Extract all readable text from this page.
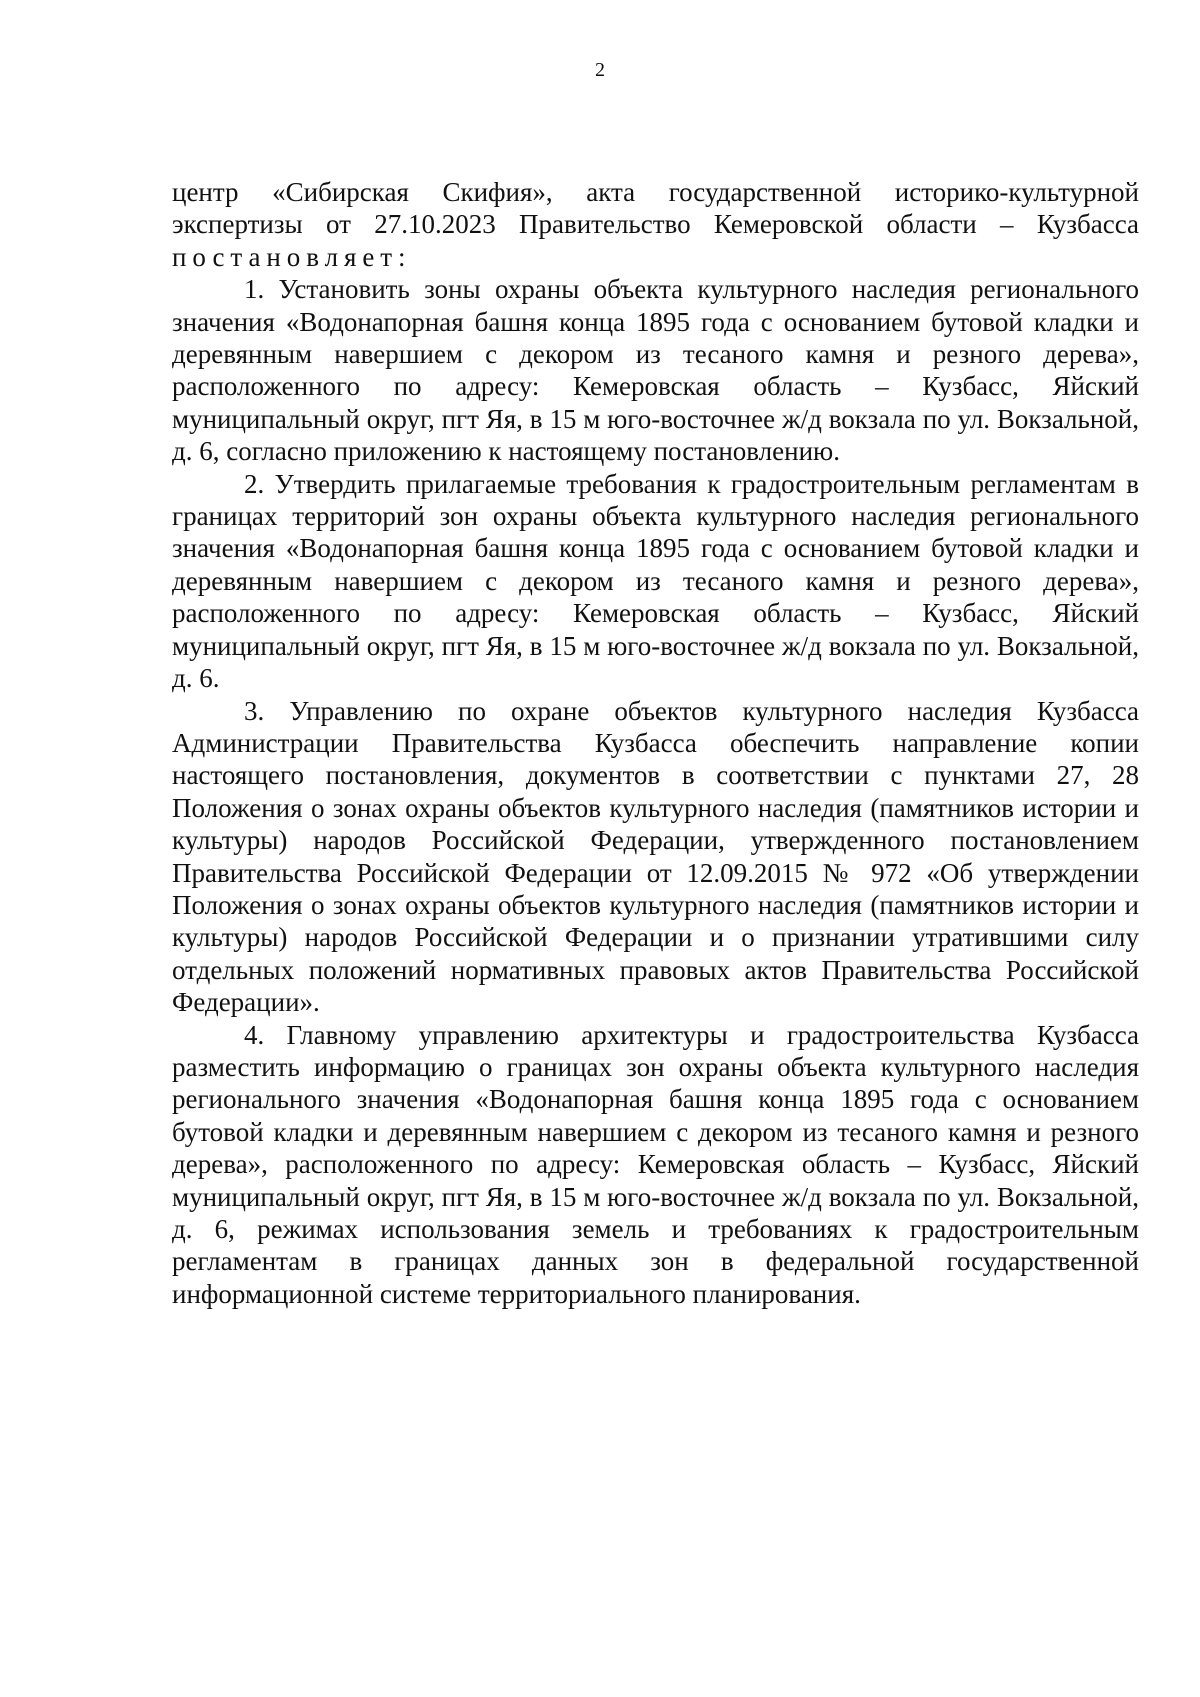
2

центр «Сибирская Скифия», акта государственной историко-культурной экспертизы от 27.10.2023 Правительство Кемеровской области – Кузбасса постановляет:

1. Установить зоны охраны объекта культурного наследия регионального значения «Водонапорная башня конца 1895 года с основанием бутовой кладки и деревянным навершием с декором из тесаного камня и резного дерева», расположенного по адресу: Кемеровская область – Кузбасс, Яйский муниципальный округ, пгт Яя, в 15 м юго-восточнее ж/д вокзала по ул. Вокзальной, д. 6, согласно приложению к настоящему постановлению.

2. Утвердить прилагаемые требования к градостроительным регламентам в границах территорий зон охраны объекта культурного наследия регионального значения «Водонапорная башня конца 1895 года с основанием бутовой кладки и деревянным навершием с декором из тесаного камня и резного дерева», расположенного по адресу: Кемеровская область – Кузбасс, Яйский муниципальный округ, пгт Яя, в 15 м юго-восточнее ж/д вокзала по ул. Вокзальной, д. 6.

3. Управлению по охране объектов культурного наследия Кузбасса Администрации Правительства Кузбасса обеспечить направление копии настоящего постановления, документов в соответствии с пунктами 27, 28 Положения о зонах охраны объектов культурного наследия (памятников истории и культуры) народов Российской Федерации, утвержденного постановлением Правительства Российской Федерации от 12.09.2015 № 972 «Об утверждении Положения о зонах охраны объектов культурного наследия (памятников истории и культуры) народов Российской Федерации и о признании утратившими силу отдельных положений нормативных правовых актов Правительства Российской Федерации».

4. Главному управлению архитектуры и градостроительства Кузбасса разместить информацию о границах зон охраны объекта культурного наследия регионального значения «Водонапорная башня конца 1895 года с основанием бутовой кладки и деревянным навершием с декором из тесаного камня и резного дерева», расположенного по адресу: Кемеровская область – Кузбасс, Яйский муниципальный округ, пгт Яя, в 15 м юго-восточнее ж/д вокзала по ул. Вокзальной, д. 6, режимах использования земель и требованиях к градостроительным регламентам в границах данных зон в федеральной государственной информационной системе территориального планирования.
